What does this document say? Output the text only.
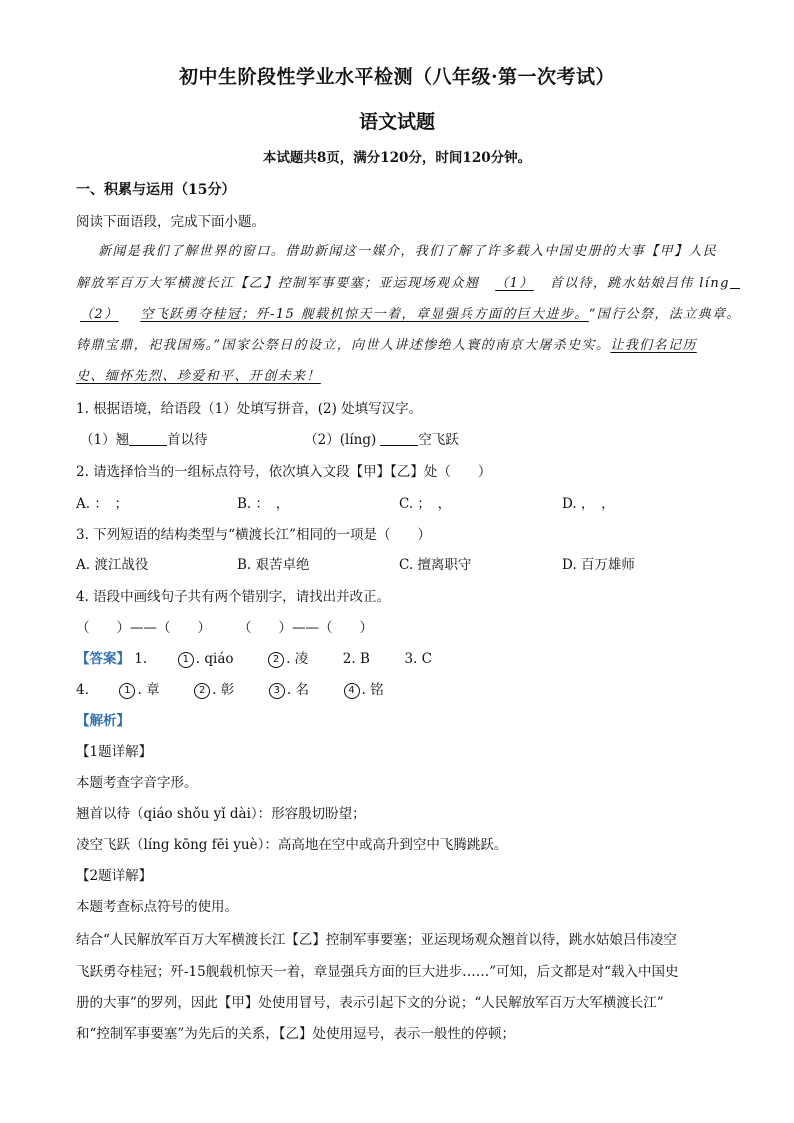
初中生阶段性学业水平检测（八年级·第一次考试）
语文试题
本试题共8页，满分120分，时间120分钟。
一、积累与运用（15分）
阅读下面语段，完成下面小题。
新闻是我们了解世界的窗口。借助新闻这一媒介，我们了解了许多载入中国史册的大事【甲】人民
解放军百万大军横渡长江【乙】控制军事要塞；亚运现场观众翘 （1） 首以待，跳水姑娘吕伟 líng
（2） 空飞跃勇夺桂冠；歼-15 舰载机惊天一着，章显强兵方面的巨大进步。“国行公祭，法立典章。
铸鼎宝鼎，祀我国殇。”国家公祭日的设立，向世人讲述惨绝人寰的南京大屠杀史实。让我们名记历
史、缅怀先烈、珍爱和平、开创未来！
1. 根据语境，给语段（1）处填写拼音，(2) 处填写汉字。
（1）翘	首以待	（2）(líng)	空飞跃
2. 请选择恰当的一组标点符号，依次填入文段【甲】【乙】处（　　）
A. ：　；	B. ：　，	C. ；　，	D. ，　，
3. 下列短语的结构类型与“横渡长江”相同的一项是（　　）
A. 渡江战役	B. 艰苦卓绝	C. 擅离职守	D. 百万雄师
4. 语段中画线句子共有两个错别字，请找出并改正。
（　　）——（　　）　　　（　　）——（　　）
【答案】 1.	1 . qiáo	2 . 凌	2. B	3. C
4.	1 . 章	2 . 彰	3 . 名	4 . 铭
【解析】
【1题详解】
本题考查字音字形。
翘首以待（qiáo shǒu yǐ dài）：形容殷切盼望；
凌空飞跃（líng kōng fēi yuè）：高高地在空中或高升到空中飞腾跳跃。
【2题详解】
本题考查标点符号的使用。
结合“人民解放军百万大军横渡长江【乙】控制军事要塞；亚运现场观众翘首以待，跳水姑娘吕伟凌空
飞跃勇夺桂冠；歼-15舰载机惊天一着，章显强兵方面的巨大进步……”可知，后文都是对“载入中国史
册的大事”的罗列，因此【甲】处使用冒号，表示引起下文的分说；“人民解放军百万大军横渡长江”
和“控制军事要塞”为先后的关系，【乙】处使用逗号，表示一般性的停顿；
